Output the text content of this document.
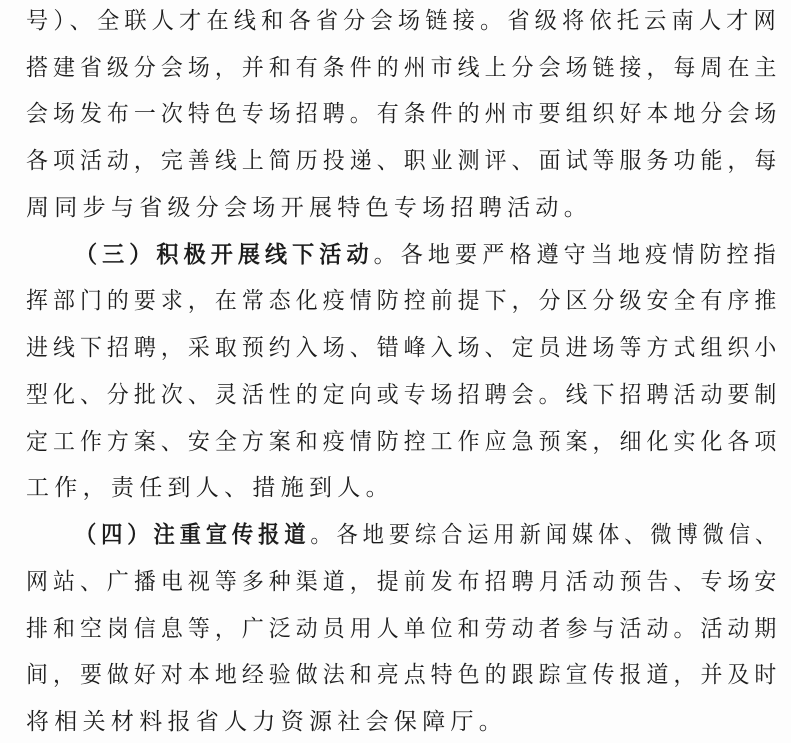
号）、全联人才在线和各省分会场链接。省级将依托云南人才网
搭建省级分会场，并和有条件的州市线上分会场链接，每周在主
会场发布一次特色专场招聘。有条件的州市要组织好本地分会场
各项活动，完善线上简历投递、职业测评、面试等服务功能，每
周同步与省级分会场开展特色专场招聘活动。
（三）积极开展线下活动。各地要严格遵守当地疫情防控指
挥部门的要求，在常态化疫情防控前提下，分区分级安全有序推
进线下招聘，采取预约入场、错峰入场、定员进场等方式组织小
型化、分批次、灵活性的定向或专场招聘会。线下招聘活动要制
定工作方案、安全方案和疫情防控工作应急预案，细化实化各项
工作，责任到人、措施到人。
（四）注重宣传报道。各地要综合运用新闻媒体、微博微信、
网站、广播电视等多种渠道，提前发布招聘月活动预告、专场安
排和空岗信息等，广泛动员用人单位和劳动者参与活动。活动期
间，要做好对本地经验做法和亮点特色的跟踪宣传报道，并及时
将相关材料报省人力资源社会保障厅。
